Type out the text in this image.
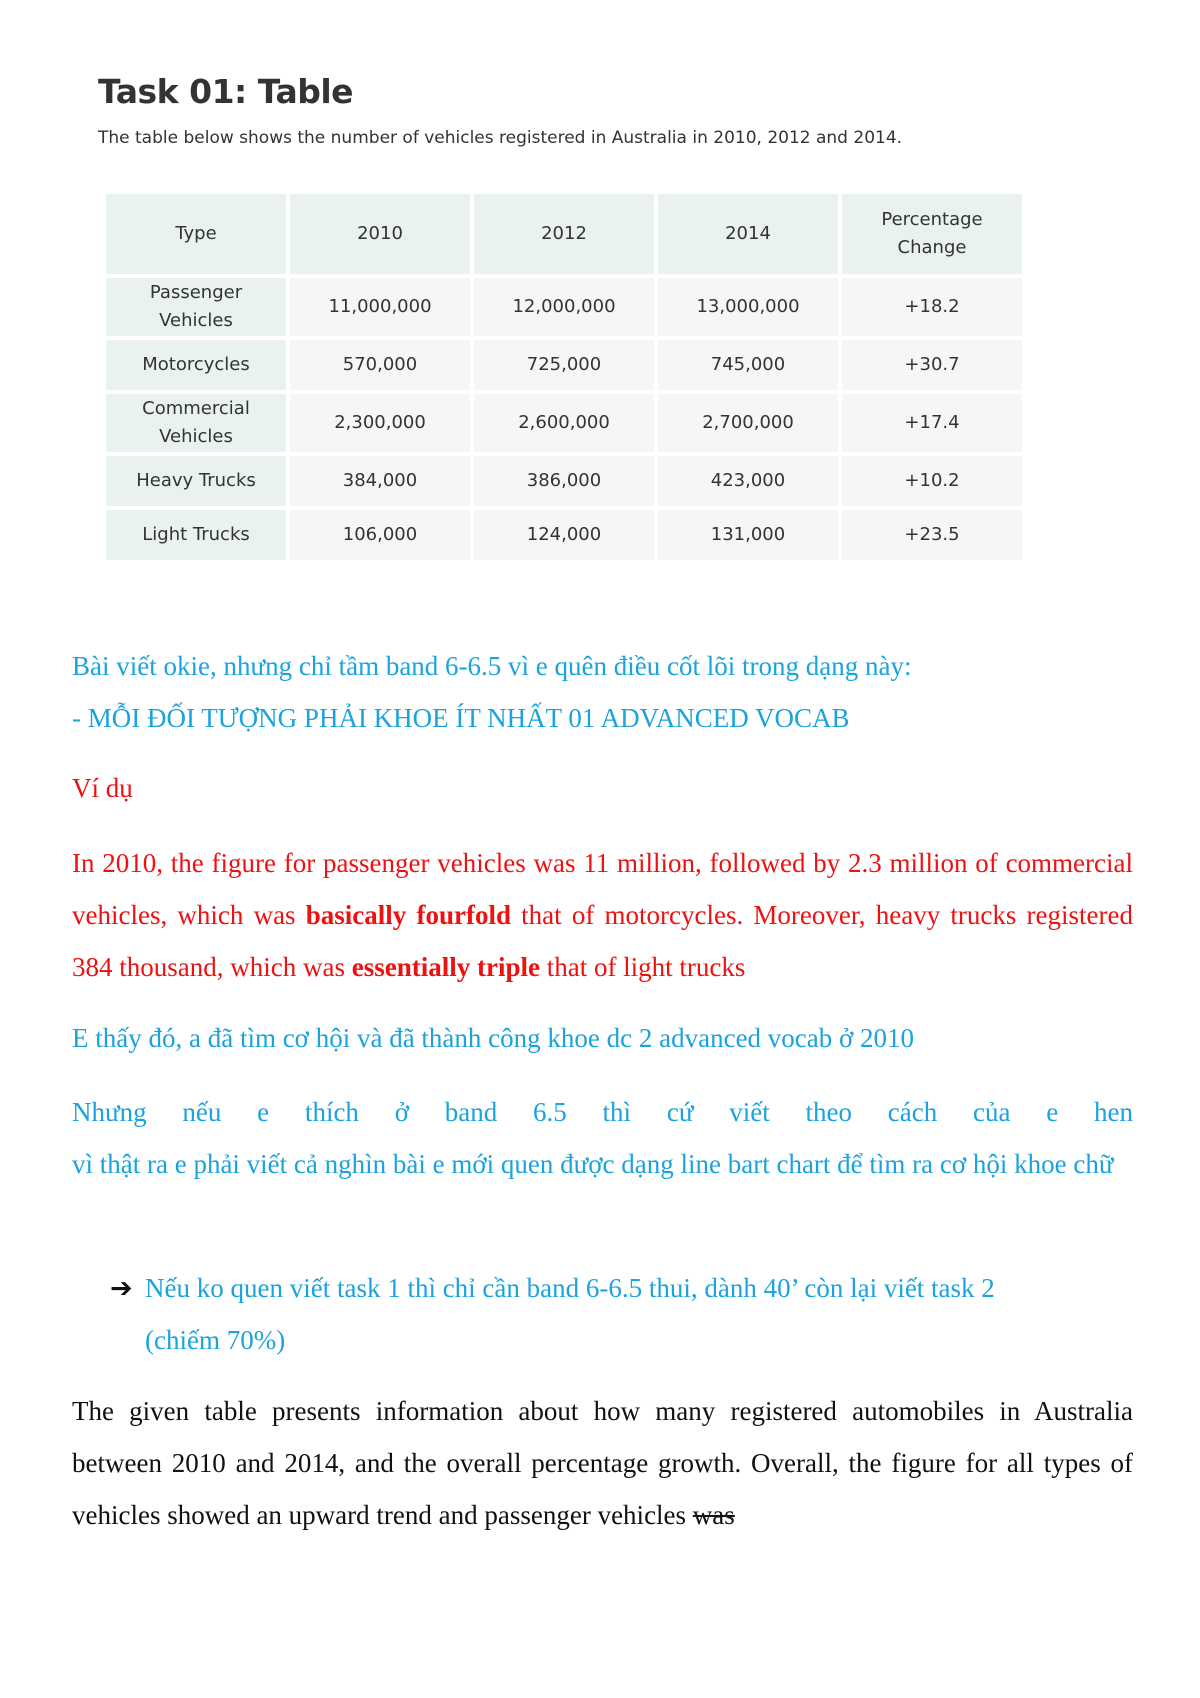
Task 01: Table

The table below shows the number of vehicles registered in Australia in 2010, 2012 and 2014.

Type	2010	2012	2014	Percentage Change
Passenger Vehicles	11,000,000	12,000,000	13,000,000	+18.2
Motorcycles	570,000	725,000	745,000	+30.7
Commercial Vehicles	2,300,000	2,600,000	2,700,000	+17.4
Heavy Trucks	384,000	386,000	423,000	+10.2
Light Trucks	106,000	124,000	131,000	+23.5

Bài viết okie, nhưng chỉ tầm band 6-6.5 vì e quên điều cốt lõi trong dạng này:
- MỖI ĐỐI TƯỢNG PHẢI KHOE ÍT NHẤT 01 ADVANCED VOCAB

Ví dụ

In 2010, the figure for passenger vehicles was 11 million, followed by 2.3 million of commercial vehicles, which was basically fourfold that of motorcycles. Moreover, heavy trucks registered 384 thousand, which was essentially triple that of light trucks

E thấy đó, a đã tìm cơ hội và đã thành công khoe dc 2 advanced vocab ở 2010

Nhưng nếu e thích ở band 6.5 thì cứ viết theo cách của e hen
vì thật ra e phải viết cả nghìn bài e mới quen được dạng line bart chart để tìm ra cơ hội khoe chữ

➔ Nếu ko quen viết task 1 thì chỉ cần band 6-6.5 thui, dành 40’ còn lại viết task 2
(chiếm 70%)

The given table presents information about how many registered automobiles in Australia between 2010 and 2014, and the overall percentage growth. Overall, the figure for all types of vehicles showed an upward trend and passenger vehicles was
